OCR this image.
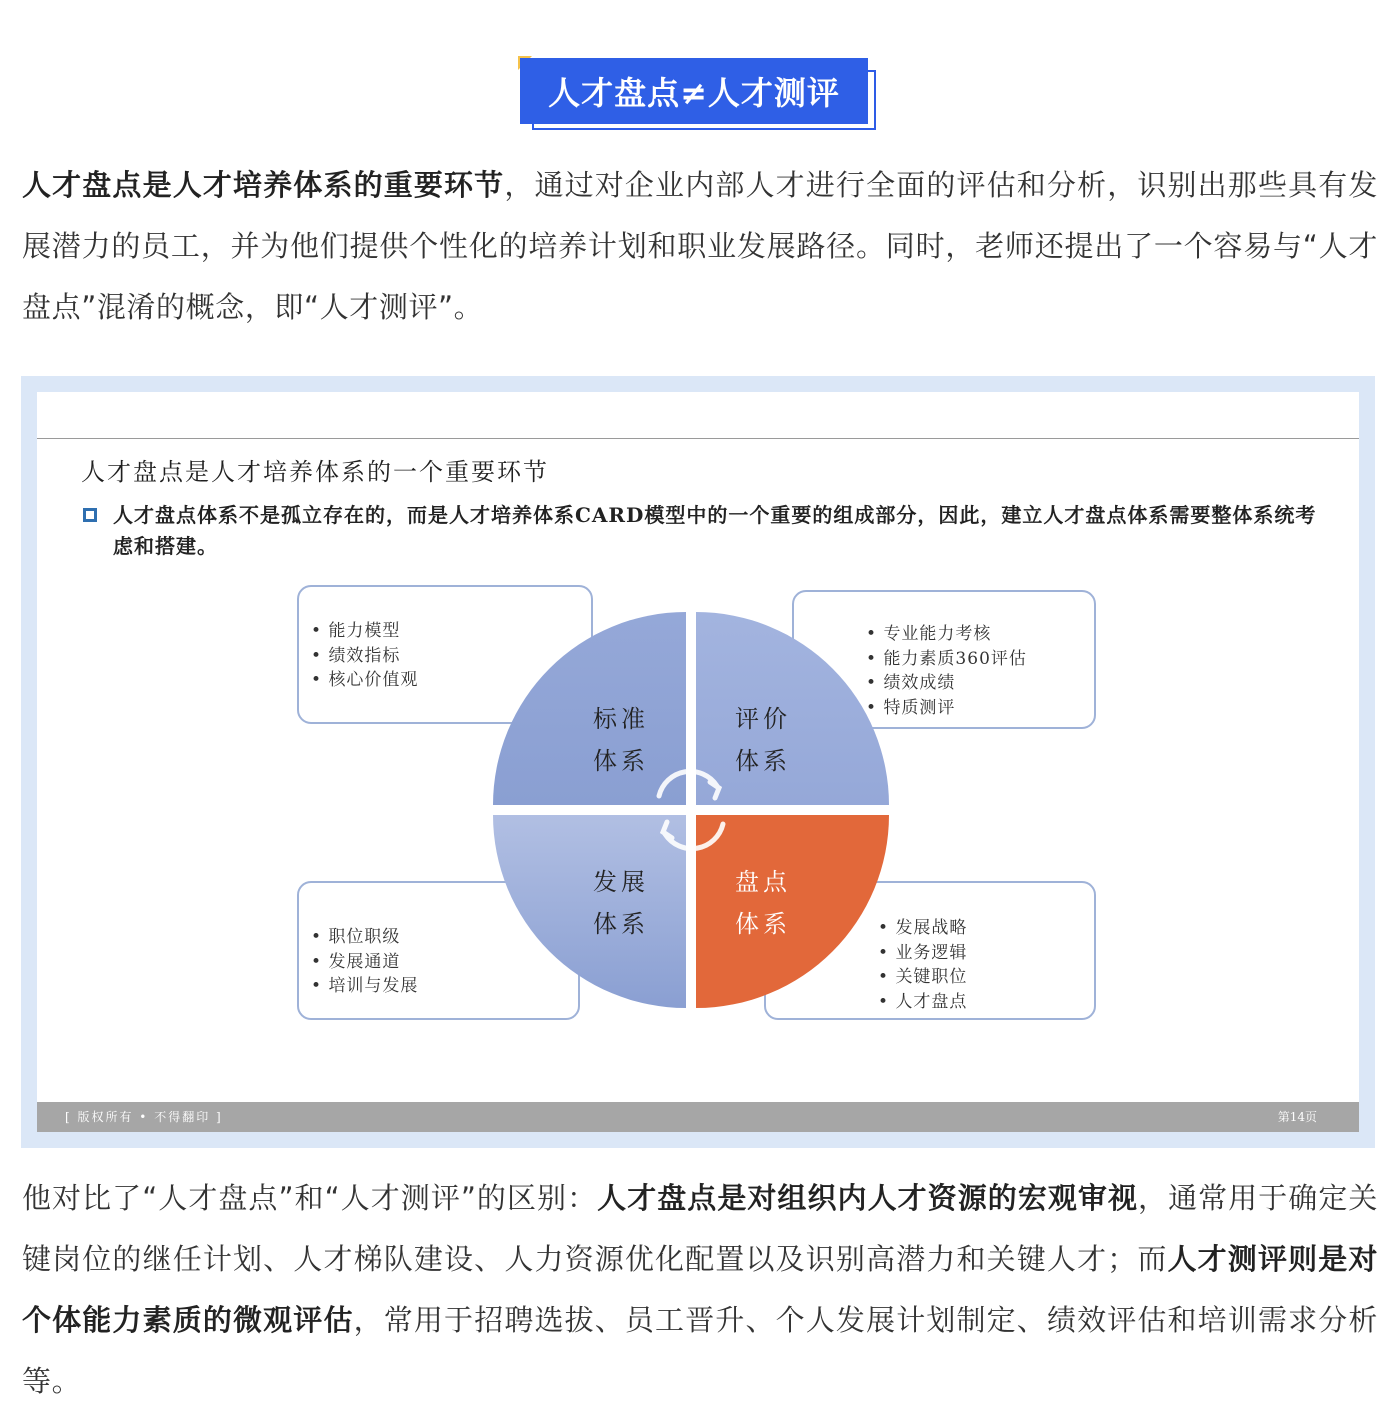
人才盘点≠人才测评
人才盘点是人才培养体系的重要环节，通过对企业内部人才进行全面的评估和分析，识别出那些具有发展潜力的员工，并为他们提供个性化的培养计划和职业发展路径。同时，老师还提出了一个容易与“人才盘点”混淆的概念，即“人才测评”。
人才盘点是人才培养体系的一个重要环节
人才盘点体系不是孤立存在的，而是人才培养体系CARD模型中的一个重要的组成部分，因此，建立人才盘点体系需要整体系统考虑和搭建。
• 能力模型
• 绩效指标
• 核心价值观
• 专业能力考核
• 能力素质360评估
• 绩效成绩
• 特质测评
• 职位职级
• 发展通道
• 培训与发展
• 发展战略
• 业务逻辑
• 关键职位
• 人才盘点
标准
体系
评价
体系
发展
体系
盘点
体系
[ 版权所有 • 不得翻印 ]	第14页
他对比了“人才盘点”和“人才测评”的区别：人才盘点是对组织内人才资源的宏观审视，通常用于确定关键岗位的继任计划、人才梯队建设、人力资源优化配置以及识别高潜力和关键人才；而人才测评则是对个体能力素质的微观评估，常用于招聘选拔、员工晋升、个人发展计划制定、绩效评估和培训需求分析等。
